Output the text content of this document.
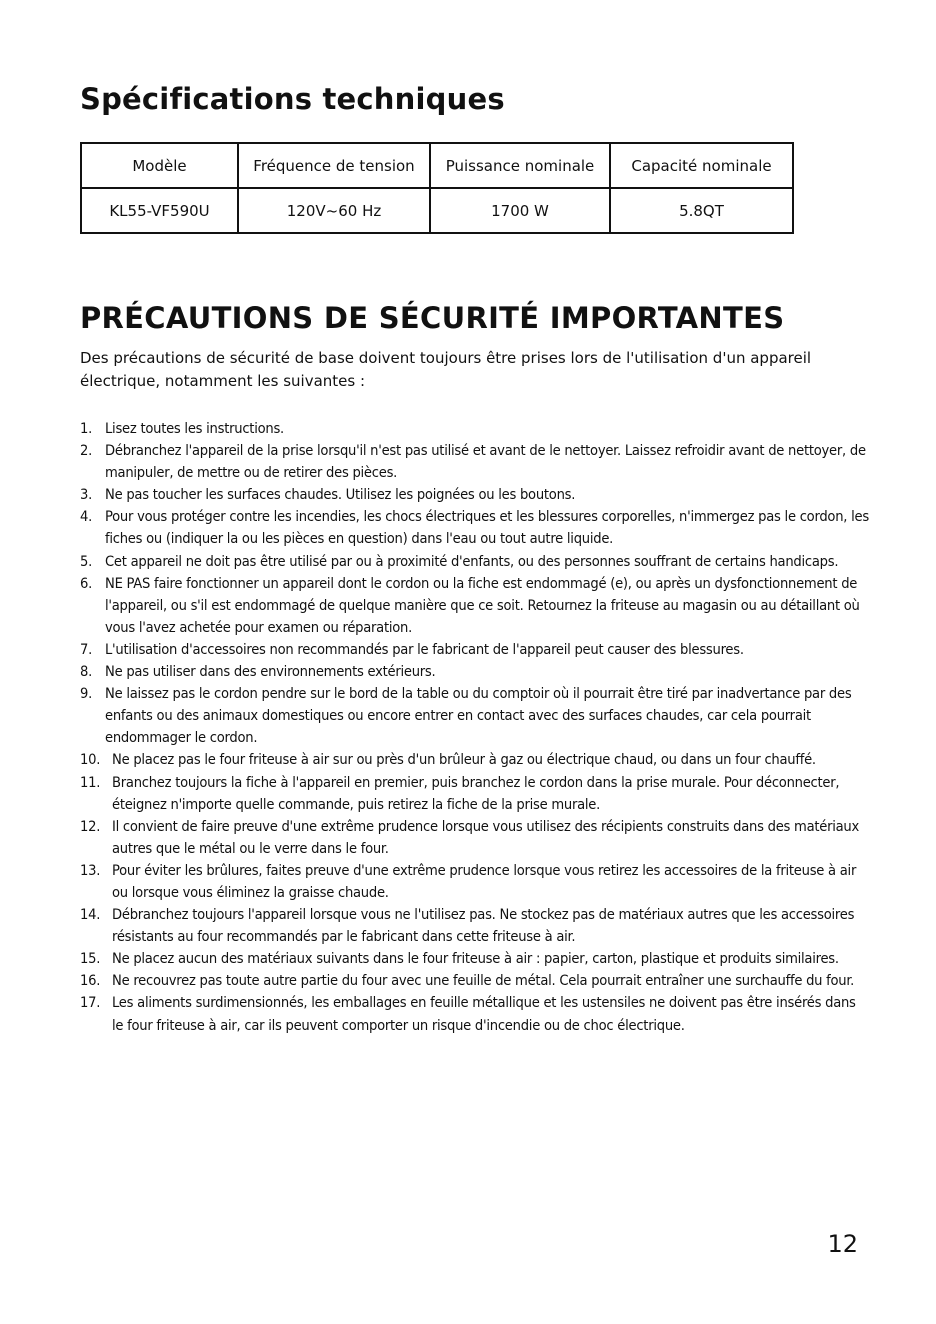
Spécifications techniques
Modèle	Fréquence de tension	Puissance nominale	Capacité nominale
KL55-VF590U	120V~60 Hz	1700 W	5.8QT
PRÉCAUTIONS DE SÉCURITÉ IMPORTANTES

Des précautions de sécurité de base doivent toujours être prises lors de l'utilisation d'un appareil électrique, notamment les suivantes :

1. Lisez toutes les instructions.
2. Débranchez l'appareil de la prise lorsqu'il n'est pas utilisé et avant de le nettoyer. Laissez refroidir avant de nettoyer, de manipuler, de mettre ou de retirer des pièces.
3. Ne pas toucher les surfaces chaudes. Utilisez les poignées ou les boutons.
4. Pour vous protéger contre les incendies, les chocs électriques et les blessures corporelles, n'immergez pas le cordon, les fiches ou (indiquer la ou les pièces en question) dans l'eau ou tout autre liquide.
5. Cet appareil ne doit pas être utilisé par ou à proximité d'enfants, ou des personnes souffrant de certains handicaps.
6. NE PAS faire fonctionner un appareil dont le cordon ou la fiche est endommagé (e), ou après un dysfonctionnement de l'appareil, ou s'il est endommagé de quelque manière que ce soit. Retournez la friteuse au magasin ou au détaillant où vous l'avez achetée pour examen ou réparation.
7. L'utilisation d'accessoires non recommandés par le fabricant de l'appareil peut causer des blessures.
8. Ne pas utiliser dans des environnements extérieurs.
9. Ne laissez pas le cordon pendre sur le bord de la table ou du comptoir où il pourrait être tiré par inadvertance par des enfants ou des animaux domestiques ou encore entrer en contact avec des surfaces chaudes, car cela pourrait endommager le cordon.
10. Ne placez pas le four friteuse à air sur ou près d'un brûleur à gaz ou électrique chaud, ou dans un four chauffé.
11. Branchez toujours la fiche à l'appareil en premier, puis branchez le cordon dans la prise murale. Pour déconnecter, éteignez n'importe quelle commande, puis retirez la fiche de la prise murale.
12. Il convient de faire preuve d'une extrême prudence lorsque vous utilisez des récipients construits dans des matériaux autres que le métal ou le verre dans le four.
13. Pour éviter les brûlures, faites preuve d'une extrême prudence lorsque vous retirez les accessoires de la friteuse à air ou lorsque vous éliminez la graisse chaude.
14. Débranchez toujours l'appareil lorsque vous ne l'utilisez pas. Ne stockez pas de matériaux autres que les accessoires résistants au four recommandés par le fabricant dans cette friteuse à air.
15. Ne placez aucun des matériaux suivants dans le four friteuse à air : papier, carton, plastique et produits similaires.
16. Ne recouvrez pas toute autre partie du four avec une feuille de métal. Cela pourrait entraîner une surchauffe du four.
17. Les aliments surdimensionnés, les emballages en feuille métallique et les ustensiles ne doivent pas être insérés dans le four friteuse à air, car ils peuvent comporter un risque d'incendie ou de choc électrique.
12
